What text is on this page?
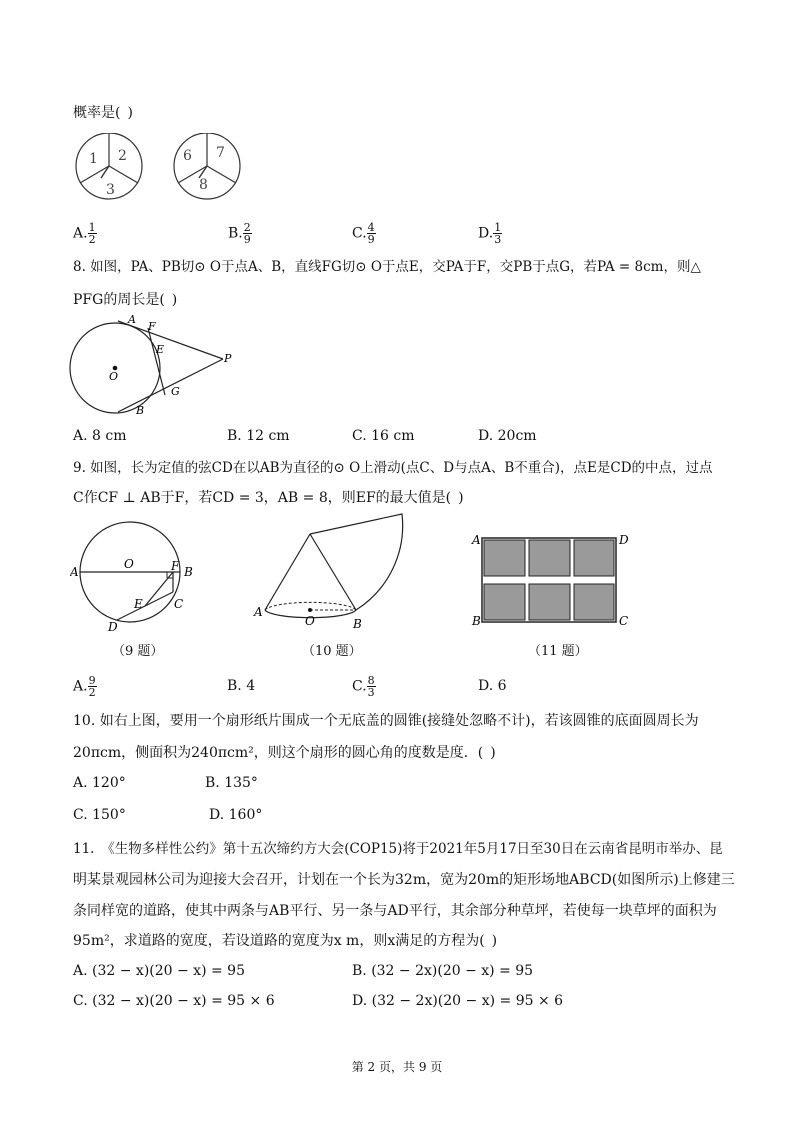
概率是( )
1 2
3
6 7
8
A. $\frac{1}{2}$	B. $\frac{2}{9}$	C. $\frac{4}{9}$	D. $\frac{1}{3}$
8. 如图，PA、PB切⊙ O于点A、B，直线FG切⊙ O于点E，交PA于F，交PB于点G，若PA = 8cm，则△
PFG的周长是( )
A
F
E
P
O
G
B
A. 8 cm	B. 12 cm	C. 16 cm	D. 20cm
9. 如图，长为定值的弦CD在以AB为直径的⊙ O上滑动(点C、D与点A、B不重合)，点E是CD的中点，过点
C作CF ⊥ AB于F，若CD = 3，AB = 8，则EF的最大值是( )
A
O	F B
E	C
D
A
O	B
A	D
B	C
（9 题）	（10 题）	（11 题）
A. $\frac{9}{2}$	B. 4	C. $\frac{8}{3}$	D. 6
10. 如右上图，要用一个扇形纸片围成一个无底盖的圆锥(接缝处忽略不计)，若该圆锥的底面圆周长为
20πcm，侧面积为240πcm²，则这个扇形的圆心角的度数是度．( )
A. 120°	B. 135°
C. 150°	D. 160°
11. 《生物多样性公约》第十五次缔约方大会(COP15)将于2021年5月17日至30日在云南省昆明市举办、昆
明某景观园林公司为迎接大会召开，计划在一个长为32m，宽为20m的矩形场地ABCD(如图所示)上修建三
条同样宽的道路，使其中两条与AB平行、另一条与AD平行，其余部分种草坪，若使每一块草坪的面积为
95m²，求道路的宽度，若设道路的宽度为x m，则x满足的方程为( )
A. (32 − x)(20 − x) = 95	B. (32 − 2x)(20 − x) = 95
C. (32 − x)(20 − x) = 95 × 6	D. (32 − 2x)(20 − x) = 95 × 6
第 2 页，共 9 页
